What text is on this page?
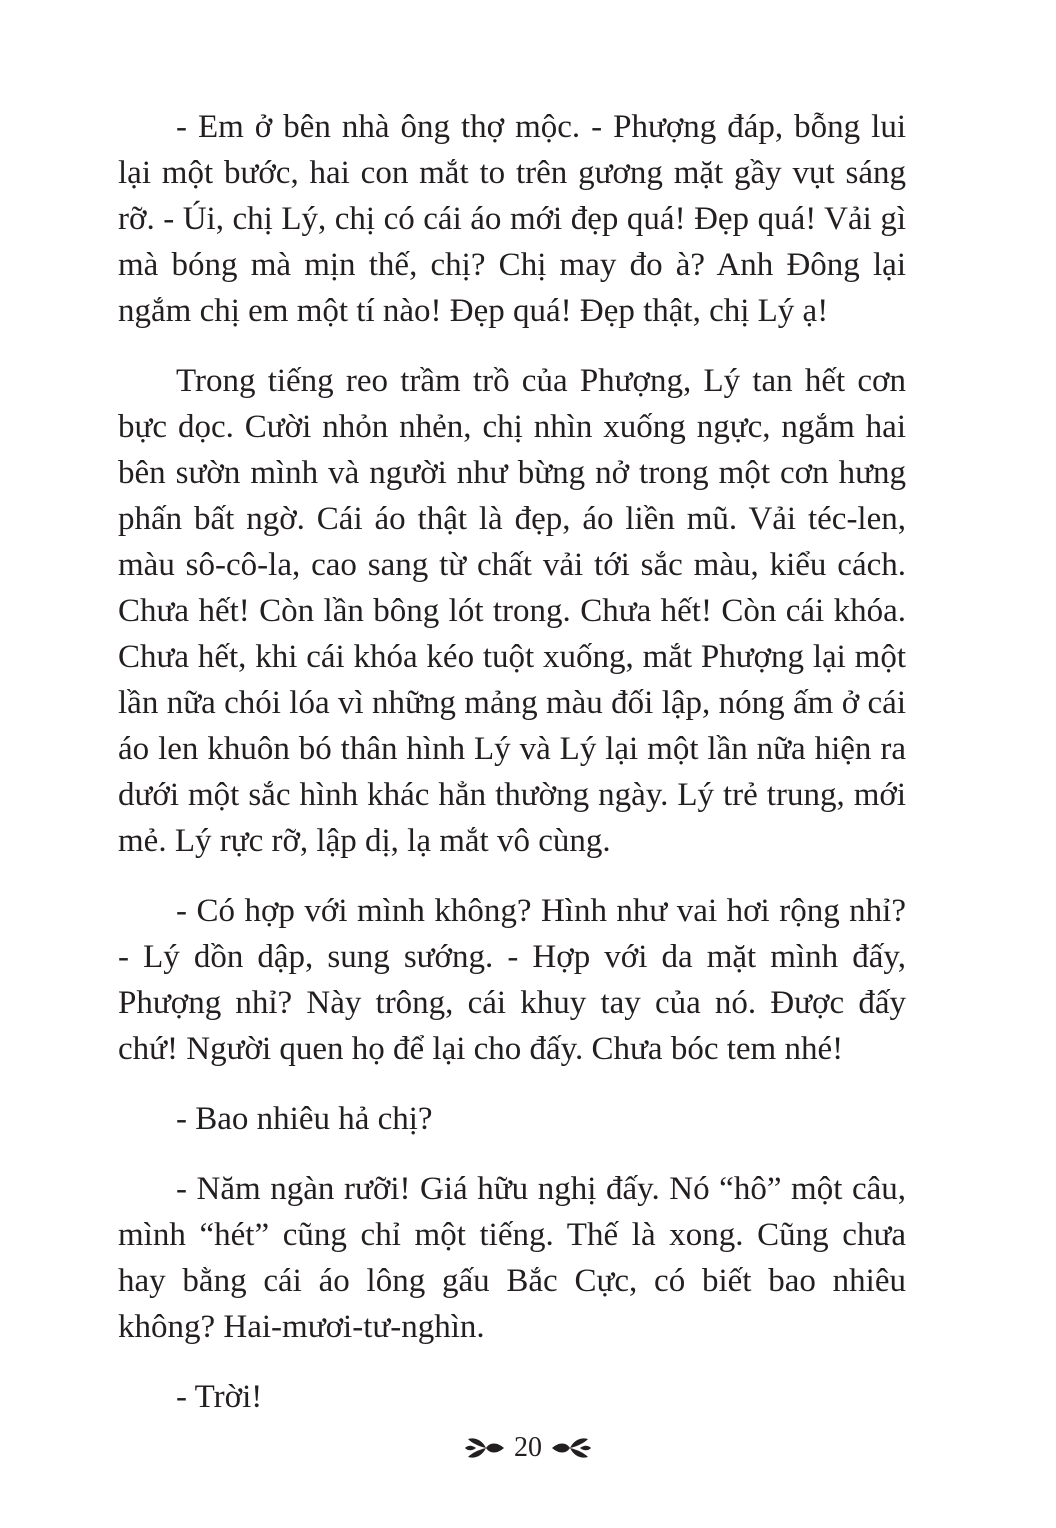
- Em ở bên nhà ông thợ mộc. - Phượng đáp, bỗng lui lại một bước, hai con mắt to trên gương mặt gầy vụt sáng rỡ. - Úi, chị Lý, chị có cái áo mới đẹp quá! Đẹp quá! Vải gì mà bóng mà mịn thế, chị? Chị may đo à? Anh Đông lại ngắm chị em một tí nào! Đẹp quá! Đẹp thật, chị Lý ạ!

Trong tiếng reo trầm trồ của Phượng, Lý tan hết cơn bực dọc. Cười nhỏn nhẻn, chị nhìn xuống ngực, ngắm hai bên sườn mình và người như bừng nở trong một cơn hưng phấn bất ngờ. Cái áo thật là đẹp, áo liền mũ. Vải téc-len, màu sô-cô-la, cao sang từ chất vải tới sắc màu, kiểu cách. Chưa hết! Còn lần bông lót trong. Chưa hết! Còn cái khóa. Chưa hết, khi cái khóa kéo tuột xuống, mắt Phượng lại một lần nữa chói lóa vì những mảng màu đối lập, nóng ấm ở cái áo len khuôn bó thân hình Lý và Lý lại một lần nữa hiện ra dưới một sắc hình khác hẳn thường ngày. Lý trẻ trung, mới mẻ. Lý rực rỡ, lập dị, lạ mắt vô cùng.

- Có hợp với mình không? Hình như vai hơi rộng nhỉ? - Lý dồn dập, sung sướng. - Hợp với da mặt mình đấy, Phượng nhỉ? Này trông, cái khuy tay của nó. Được đấy chứ! Người quen họ để lại cho đấy. Chưa bóc tem nhé!

- Bao nhiêu hả chị?

- Năm ngàn rưỡi! Giá hữu nghị đấy. Nó “hô” một câu, mình “hét” cũng chỉ một tiếng. Thế là xong. Cũng chưa hay bằng cái áo lông gấu Bắc Cực, có biết bao nhiêu không? Hai-mươi-tư-nghìn.

- Trời!

20
